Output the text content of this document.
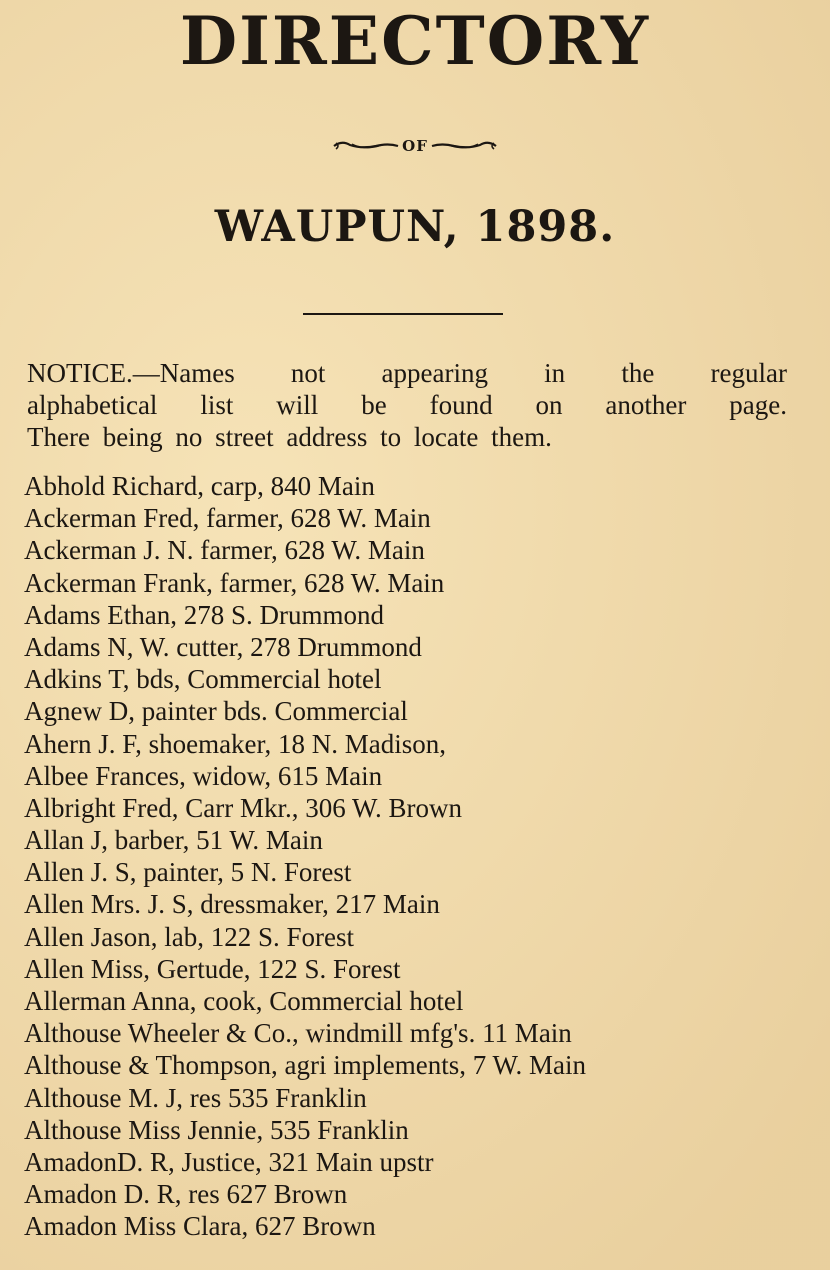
DIRECTORY
OF
WAUPUN, 1898.
NOTICE.—Names not appearing in the regular
alphabetical list will be found on another page.
There being no street address to locate them.
Abhold Richard, carp, 840 Main
Ackerman Fred, farmer, 628 W. Main
Ackerman J. N. farmer, 628 W. Main
Ackerman Frank, farmer, 628 W. Main
Adams Ethan, 278 S. Drummond
Adams N, W. cutter, 278 Drummond
Adkins T, bds, Commercial hotel
Agnew D, painter bds. Commercial
Ahern J. F, shoemaker, 18 N. Madison,
Albee Frances, widow, 615 Main
Albright Fred, Carr Mkr., 306 W. Brown
Allan J, barber, 51 W. Main
Allen J. S, painter, 5 N. Forest
Allen Mrs. J. S, dressmaker, 217 Main
Allen Jason, lab, 122 S. Forest
Allen Miss, Gertude, 122 S. Forest
Allerman Anna, cook, Commercial hotel
Althouse Wheeler & Co., windmill mfg's. 11 Main
Althouse & Thompson, agri implements, 7 W. Main
Althouse M. J, res 535 Franklin
Althouse Miss Jennie, 535 Franklin
AmadonD. R, Justice, 321 Main upstr
Amadon D. R, res 627 Brown
Amadon Miss Clara, 627 Brown
